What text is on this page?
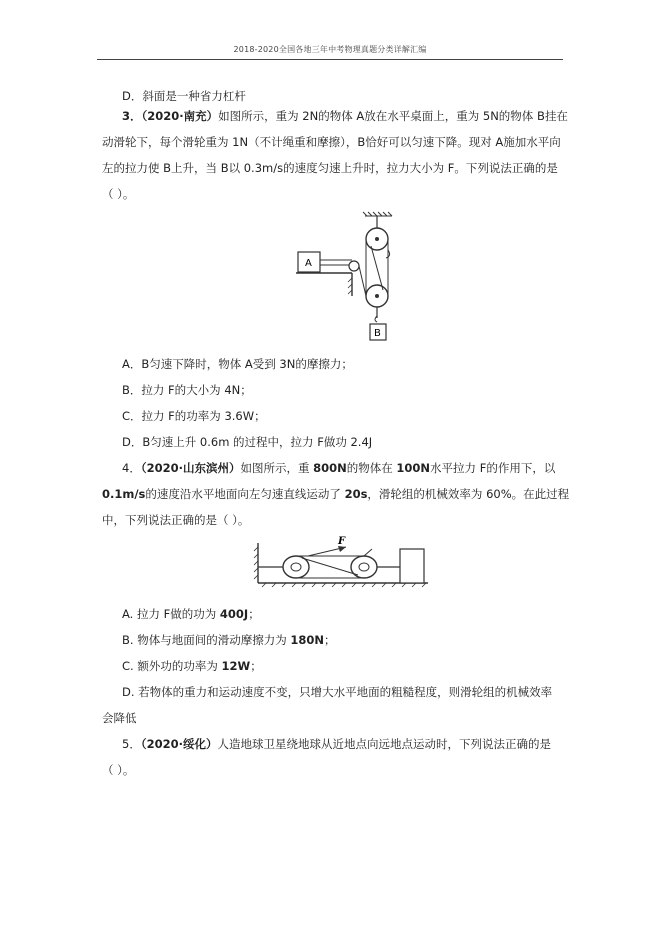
2018-2020全国各地三年中考物理真题分类详解汇编
D．斜面是一种省力杠杆
3．（2020·南充）如图所示，重为 2N的物体 A放在水平桌面上，重为 5N的物体 B挂在
动滑轮下，每个滑轮重为 1N（不计绳重和摩擦），B恰好可以匀速下降。现对 A施加水平向
左的拉力使 B上升，当 B以 0.3m/s的速度匀速上升时，拉力大小为 F。下列说法正确的是
（ ）。
A．B匀速下降时，物体 A受到 3N的摩擦力；
B．拉力 F的大小为 4N；
C．拉力 F的功率为 3.6W；
D．B匀速上升 0.6m 的过程中，拉力 F做功 2.4J
4．（2020·山东滨州）如图所示，重 800N的物体在 100N水平拉力 F的作用下，以
0.1m/s的速度沿水平地面向左匀速直线运动了 20s，滑轮组的机械效率为 60%。在此过程
中，下列说法正确的是（ ）。
A. 拉力 F做的功为 400J；
B. 物体与地面间的滑动摩擦力为 180N；
C. 额外功的功率为 12W；
D. 若物体的重力和运动速度不变，只增大水平地面的粗糙程度，则滑轮组的机械效率
会降低
5．（2020·绥化）人造地球卫星绕地球从近地点向远地点运动时，下列说法正确的是
（ ）。
B
A
F
